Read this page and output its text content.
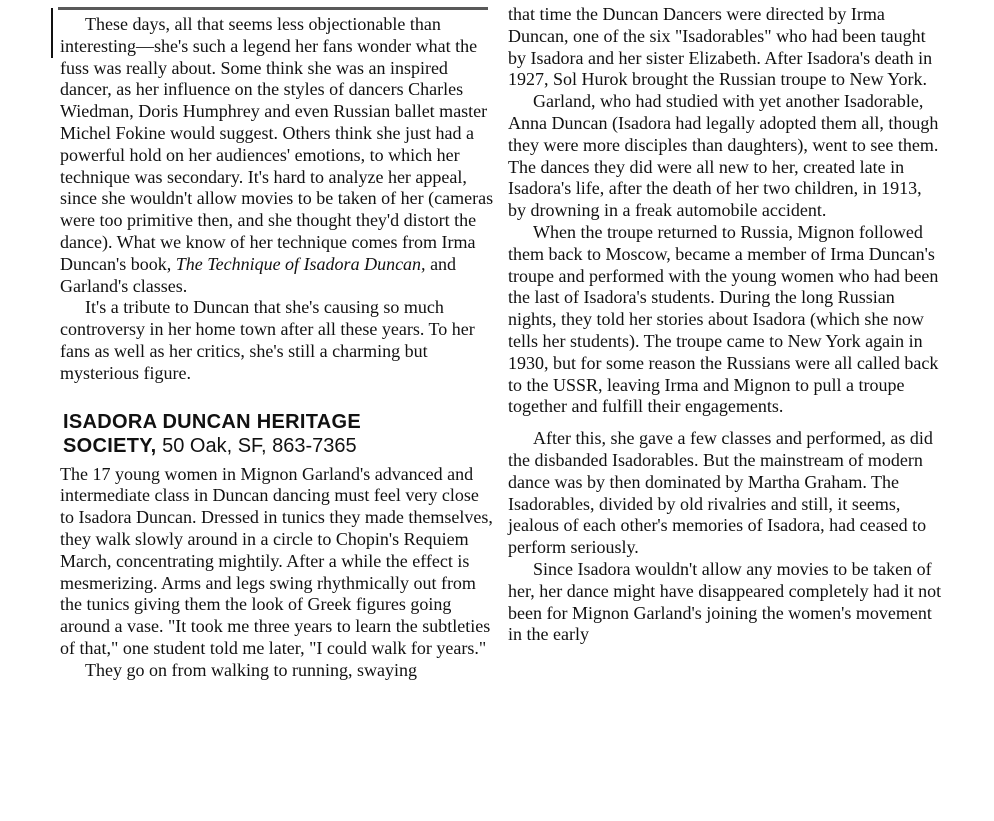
These days, all that seems less objectionable than interesting—she's such a legend her fans wonder what the fuss was really about. Some think she was an inspired dancer, as her influence on the styles of dancers Charles Wiedman, Doris Humphrey and even Russian ballet master Michel Fokine would suggest. Others think she just had a powerful hold on her audiences' emotions, to which her technique was secondary. It's hard to analyze her appeal, since she wouldn't allow movies to be taken of her (cameras were too primitive then, and she thought they'd distort the dance). What we know of her technique comes from Irma Duncan's book, The Technique of Isadora Duncan, and Garland's classes.

It's a tribute to Duncan that she's causing so much controversy in her home town after all these years. To her fans as well as her critics, she's still a charming but mysterious figure.

ISADORA DUNCAN HERITAGE
SOCIETY, 50 Oak, SF, 863-7365

The 17 young women in Mignon Garland's advanced and intermediate class in Duncan dancing must feel very close to Isadora Duncan. Dressed in tunics they made themselves, they walk slowly around in a circle to Chopin's Requiem March, concentrating mightily. After a while the effect is mesmerizing. Arms and legs swing rhythmically out from the tunics giving them the look of Greek figures going around a vase. "It took me three years to learn the subtleties of that," one student told me later, "I could walk for years."

They go on from walking to running, swaying

that time the Duncan Dancers were directed by Irma Duncan, one of the six "Isadorables" who had been taught by Isadora and her sister Elizabeth. After Isadora's death in 1927, Sol Hurok brought the Russian troupe to New York.

Garland, who had studied with yet another Isadorable, Anna Duncan (Isadora had legally adopted them all, though they were more disciples than daughters), went to see them. The dances they did were all new to her, created late in Isadora's life, after the death of her two children, in 1913, by drowning in a freak automobile accident.

When the troupe returned to Russia, Mignon followed them back to Moscow, became a member of Irma Duncan's troupe and performed with the young women who had been the last of Isadora's students. During the long Russian nights, they told her stories about Isadora (which she now tells her students). The troupe came to New York again in 1930, but for some reason the Russians were all called back to the USSR, leaving Irma and Mignon to pull a troupe together and fulfill their engagements.

After this, she gave a few classes and performed, as did the disbanded Isadorables. But the mainstream of modern dance was by then dominated by Martha Graham. The Isadorables, divided by old rivalries and still, it seems, jealous of each other's memories of Isadora, had ceased to perform seriously.

Since Isadora wouldn't allow any movies to be taken of her, her dance might have disappeared completely had it not been for Mignon Garland's joining the women's movement in the early
